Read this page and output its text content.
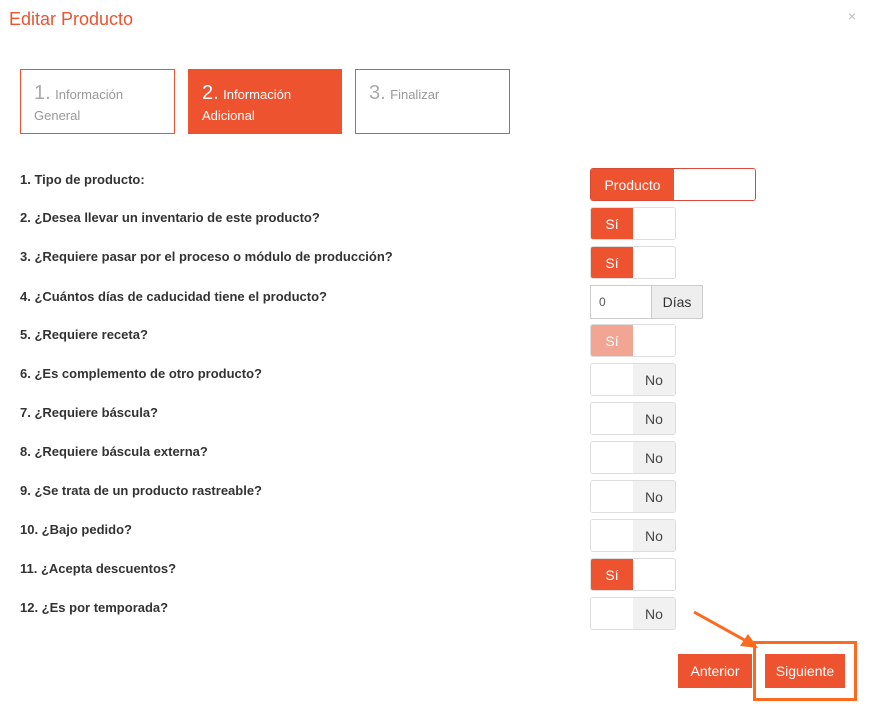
Editar Producto	×
1. Información General
2. Información Adicional
3. Finalizar
1. Tipo de producto:
2. ¿Desea llevar un inventario de este producto?
3. ¿Requiere pasar por el proceso o módulo de producción?
4. ¿Cuántos días de caducidad tiene el producto?
5. ¿Requiere receta?
6. ¿Es complemento de otro producto?
7. ¿Requiere báscula?
8. ¿Requiere báscula externa?
9. ¿Se trata de un producto rastreable?
10. ¿Bajo pedido?
11. ¿Acepta descuentos?
12. ¿Es por temporada?
Producto
Sí
Sí
0
Días
Sí
No
No
No
No
No
Sí
No
Anterior	Siguiente
